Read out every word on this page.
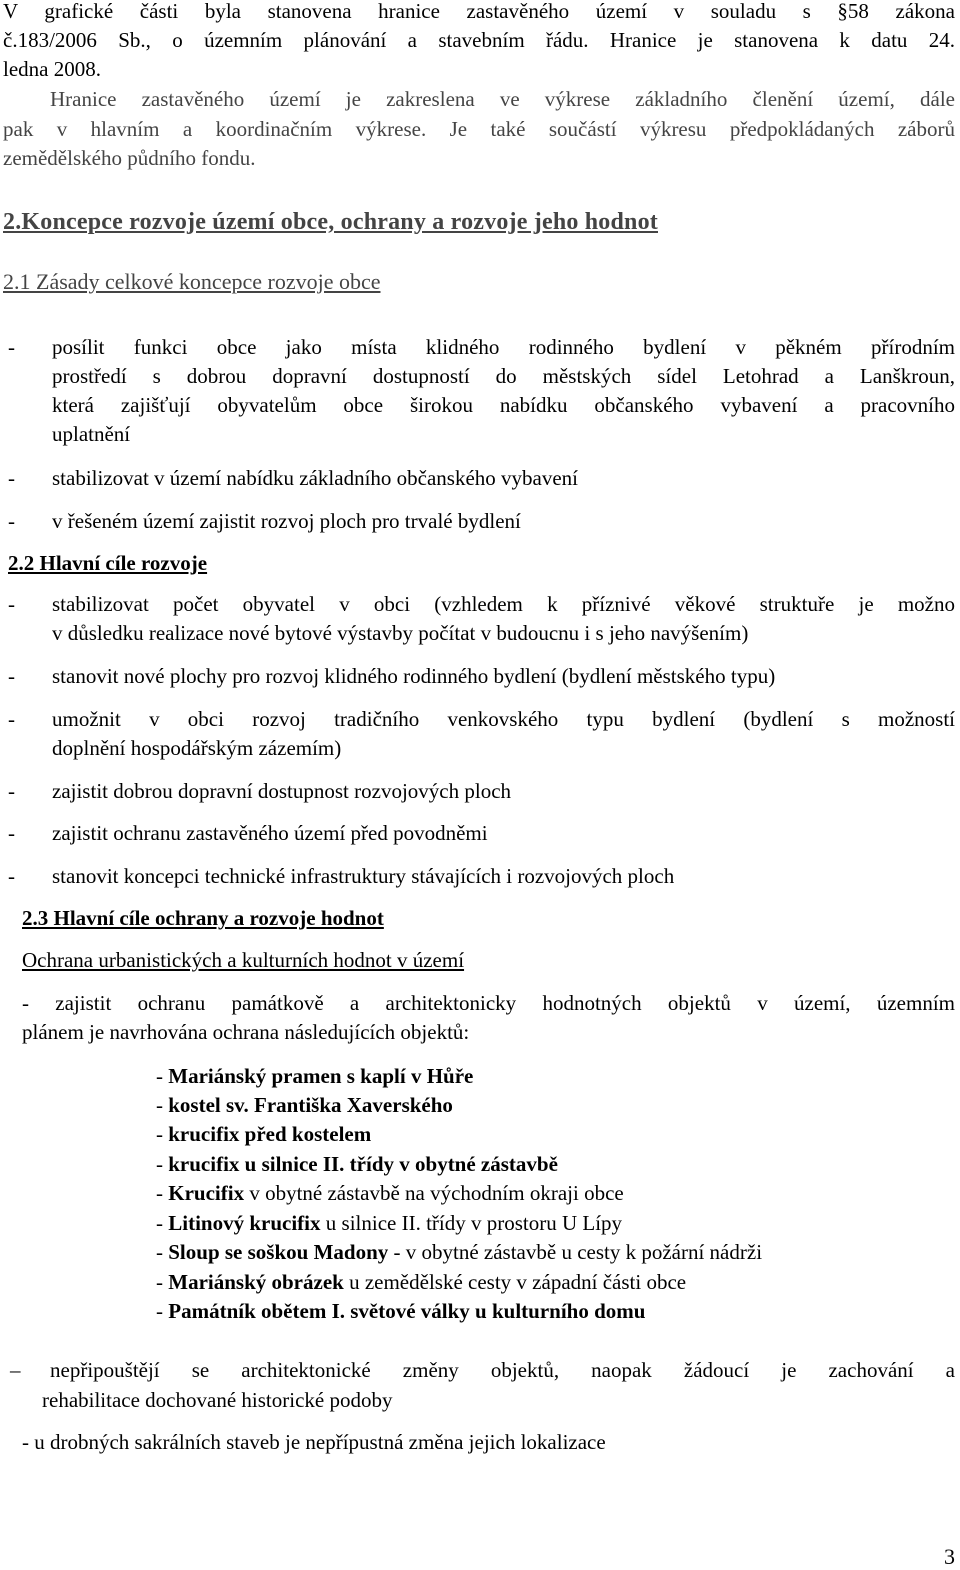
V grafické části byla stanovena hranice zastavěného území v souladu s §58 zákona
č.183/2006 Sb., o územním plánování a stavebním řádu. Hranice je stanovena k datu 24.
ledna 2008.
Hranice zastavěného území je zakreslena ve výkrese základního členění území, dále
pak v hlavním a koordinačním výkrese. Je také součástí výkresu předpokládaných záborů
zemědělského půdního fondu.
2.Koncepce rozvoje území obce, ochrany a rozvoje jeho hodnot
2.1 Zásady celkové koncepce rozvoje obce
- posílit funkci obce jako místa klidného rodinného bydlení v pěkném přírodním
prostředí s dobrou dopravní dostupností do městských sídel Letohrad a Lanškroun,
která zajišťují obyvatelům obce širokou nabídku občanského vybavení a pracovního
uplatnění
- stabilizovat v území nabídku základního občanského vybavení
- v řešeném území zajistit rozvoj ploch pro trvalé bydlení
2.2 Hlavní cíle rozvoje
- stabilizovat počet obyvatel v obci (vzhledem k příznivé věkové struktuře je možno
v důsledku realizace nové bytové výstavby počítat v budoucnu i s jeho navýšením)
- stanovit nové plochy pro rozvoj klidného rodinného bydlení (bydlení městského typu)
- umožnit v obci rozvoj tradičního venkovského typu bydlení (bydlení s možností
doplnění hospodářským zázemím)
- zajistit dobrou dopravní dostupnost rozvojových ploch
- zajistit ochranu zastavěného území před povodněmi
- stanovit koncepci technické infrastruktury stávajících i rozvojových ploch
2.3 Hlavní cíle ochrany a rozvoje hodnot
Ochrana urbanistických a kulturních hodnot v území
- zajistit ochranu památkově a architektonicky hodnotných objektů v území, územním
plánem je navrhována ochrana následujících objektů:
- Mariánský pramen s kaplí v Hůře
- kostel sv. Františka Xaverského
- krucifix před kostelem
- krucifix u silnice II. třídy v obytné zástavbě
- Krucifix v obytné zástavbě na východním okraji obce
- Litinový krucifix u silnice II. třídy v prostoru U Lípy
- Sloup se soškou Madony - v obytné zástavbě u cesty k požární nádrži
- Mariánský obrázek u zemědělské cesty v západní části obce
- Památník obětem I. světové války u kulturního domu
– nepřipouštějí se architektonické změny objektů, naopak žádoucí je zachování a
rehabilitace dochované historické podoby
- u drobných sakrálních staveb je nepřípustná změna jejich lokalizace
3
